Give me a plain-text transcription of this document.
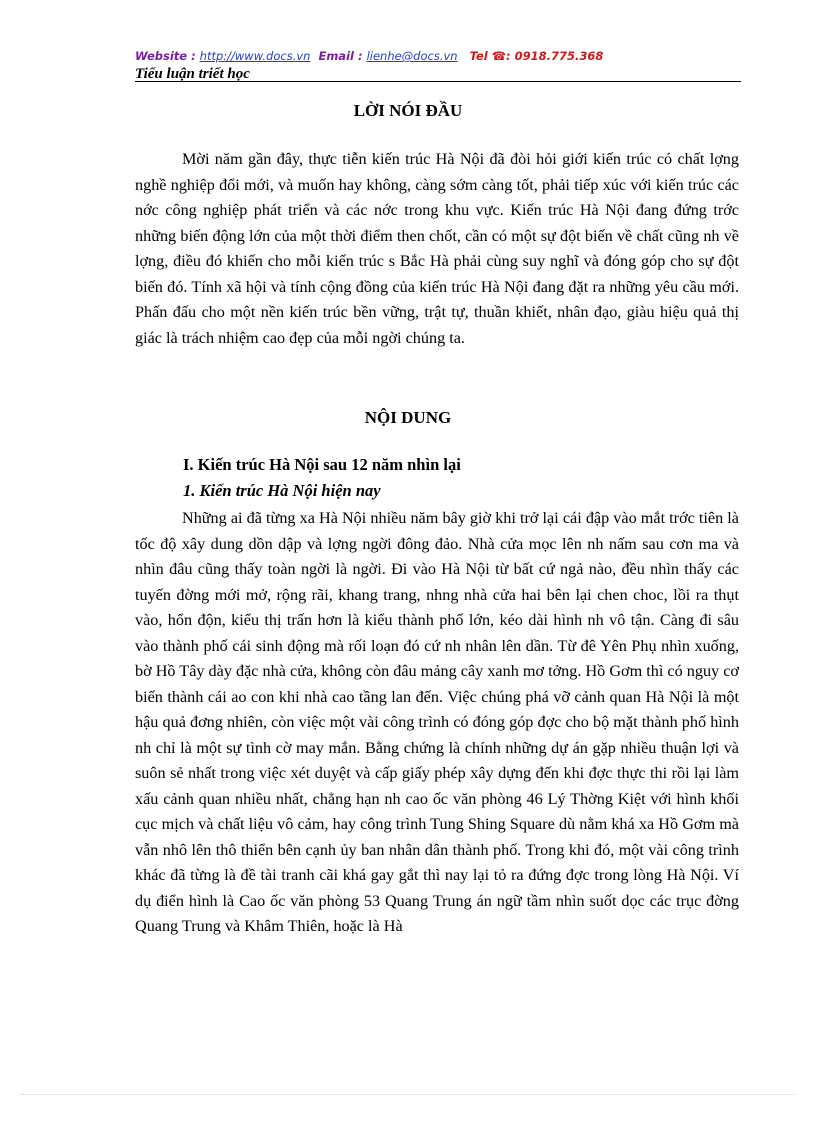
Website : http://www.docs.vn Email : lienhe@docs.vn Tel ☎: 0918.775.368
Tiểu luận triết học
LỜI NÓI ĐẦU

Mời năm gần đây, thực tiễn kiến trúc Hà Nội đã đòi hỏi giới kiến trúc có chất lợng nghề nghiệp đổi mới, và muốn hay không, càng sớm càng tốt, phải tiếp xúc với kiến trúc các nớc công nghiệp phát triển và các nớc trong khu vực. Kiến trúc Hà Nội đang đứng trớc những biến động lớn của một thời điểm then chốt, cần có một sự đột biến về chất cũng nh về lợng, điều đó khiến cho mỗi kiến trúc s Bắc Hà phải cùng suy nghĩ và đóng góp cho sự đột biến đó. Tính xã hội và tính cộng đồng của kiến trúc Hà Nội đang đặt ra những yêu cầu mới. Phấn đấu cho một nền kiến trúc bền vững, trật tự, thuần khiết, nhân đạo, giàu hiệu quả thị giác là trách nhiệm cao đẹp của mỗi ngời chúng ta.

NỘI DUNG
I. Kiến trúc Hà Nội sau 12 năm nhìn lại
1. Kiến trúc Hà Nội hiện nay

Những ai đã từng xa Hà Nội nhiều năm bây giờ khi trở lại cái đập vào mắt trớc tiên là tốc độ xây dung dồn dập và lợng ngời đông đảo. Nhà cửa mọc lên nh nấm sau cơn ma và nhìn đâu cũng thấy toàn ngời là ngời. Đi vào Hà Nội từ bất cứ ngả nào, đều nhìn thấy các tuyến đờng mới mở, rộng rãi, khang trang, nhng nhà cửa hai bên lại chen choc, lồi ra thụt vào, hổn độn, kiểu thị trấn hơn là kiểu thành phố lớn, kéo dài hình nh vô tận. Càng đi sâu vào thành phố cái sinh động mà rối loạn đó cứ nh nhân lên dần. Từ đê Yên Phụ nhìn xuống, bờ Hồ Tây dày đặc nhà cửa, không còn đâu mảng cây xanh mơ tởng. Hồ Gơm thì có nguy cơ biến thành cái ao con khi nhà cao tầng lan đến. Việc chúng phá vỡ cảnh quan Hà Nội là một hậu quả đơng nhiên, còn việc một vài công trình có đóng góp đợc cho bộ mặt thành phố hình nh chỉ là một sự tình cờ may mắn. Bằng chứng là chính những dự án gặp nhiều thuận lợi và suôn sẻ nhất trong việc xét duyệt và cấp giấy phép xây dựng đến khi đợc thực thi rồi lại làm xấu cảnh quan nhiều nhất, chẳng hạn nh cao ốc văn phòng 46 Lý Thờng Kiệt với hình khối cục mịch và chất liệu vô cảm, hay công trình Tung Shing Square dù nằm khá xa Hồ Gơm mà vẫn nhô lên thô thiển bên cạnh ủy ban nhân dân thành phố. Trong khi đó, một vài công trình khác đã từng là đề tài tranh cãi khá gay gắt thì nay lại tỏ ra đứng đợc trong lòng Hà Nội. Ví dụ điển hình là Cao ốc văn phòng 53 Quang Trung án ngữ tầm nhìn suốt dọc các trục đờng Quang Trung và Khâm Thiên, hoặc là Hà
